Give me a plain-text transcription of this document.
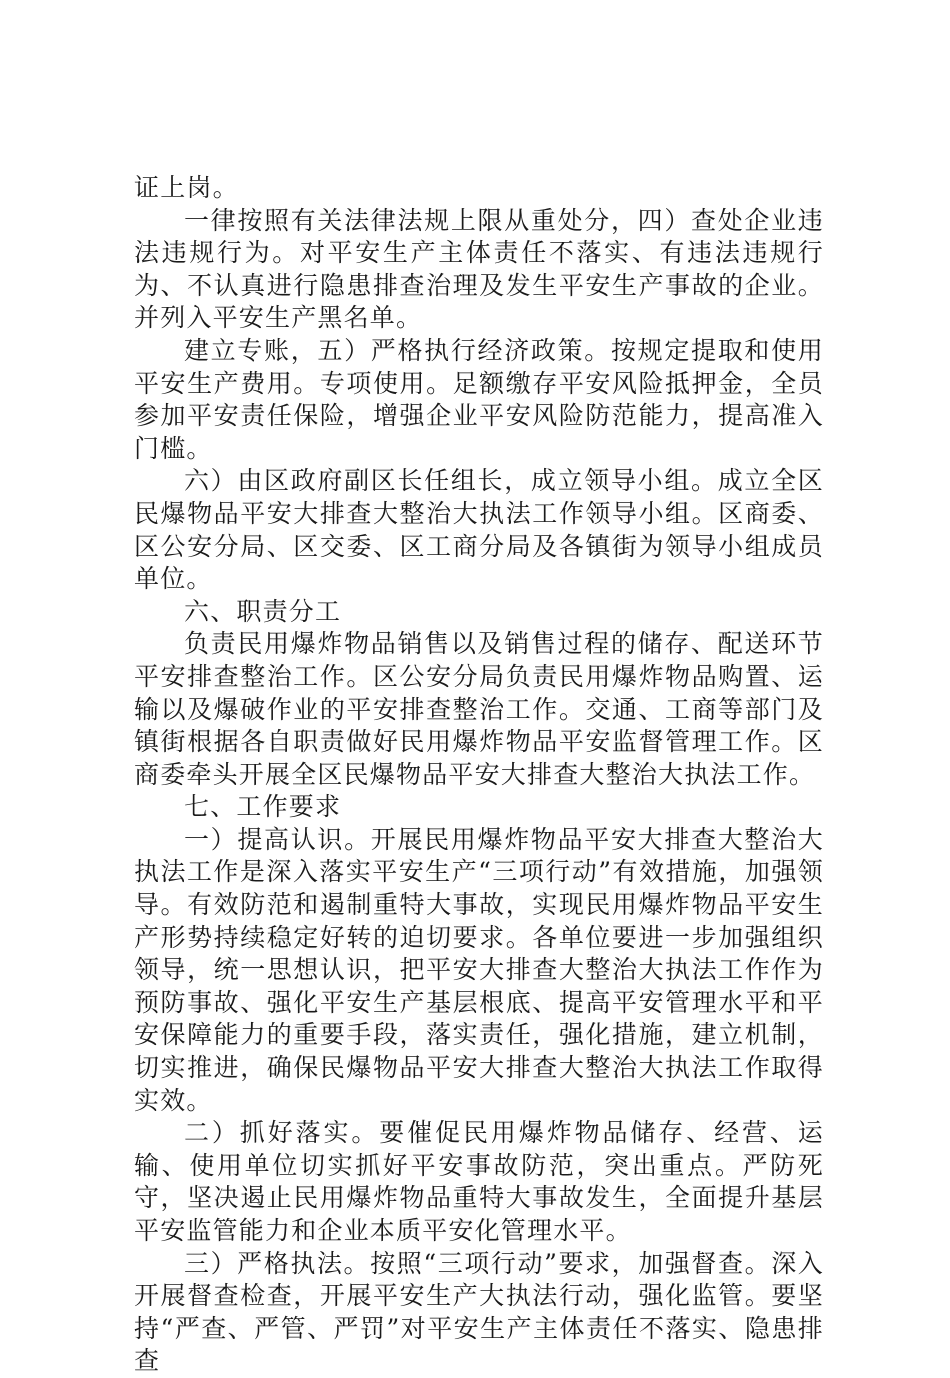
证上岗。

一律按照有关法律法规上限从重处分，四）查处企业违法违规行为。对平安生产主体责任不落实、有违法违规行为、不认真进行隐患排查治理及发生平安生产事故的企业。并列入平安生产黑名单。

建立专账，五）严格执行经济政策。按规定提取和使用平安生产费用。专项使用。足额缴存平安风险抵押金，全员参加平安责任保险，增强企业平安风险防范能力，提高准入门槛。

六）由区政府副区长任组长，成立领导小组。成立全区民爆物品平安大排查大整治大执法工作领导小组。区商委、区公安分局、区交委、区工商分局及各镇街为领导小组成员单位。

六、职责分工

负责民用爆炸物品销售以及销售过程的储存、配送环节平安排查整治工作。区公安分局负责民用爆炸物品购置、运输以及爆破作业的平安排查整治工作。交通、工商等部门及镇街根据各自职责做好民用爆炸物品平安监督管理工作。区商委牵头开展全区民爆物品平安大排查大整治大执法工作。

七、工作要求

一）提高认识。开展民用爆炸物品平安大排查大整治大执法工作是深入落实平安生产“三项行动”有效措施，加强领导。有效防范和遏制重特大事故，实现民用爆炸物品平安生产形势持续稳定好转的迫切要求。各单位要进一步加强组织领导，统一思想认识，把平安大排查大整治大执法工作作为预防事故、强化平安生产基层根底、提高平安管理水平和平安保障能力的重要手段，落实责任，强化措施，建立机制，切实推进，确保民爆物品平安大排查大整治大执法工作取得实效。

二）抓好落实。要催促民用爆炸物品储存、经营、运输、使用单位切实抓好平安事故防范，突出重点。严防死守，坚决遏止民用爆炸物品重特大事故发生，全面提升基层平安监管能力和企业本质平安化管理水平。

三）严格执法。按照“三项行动”要求，加强督查。深入开展督查检查，开展平安生产大执法行动，强化监管。要坚持“严查、严管、严罚”对平安生产主体责任不落实、隐患排查
